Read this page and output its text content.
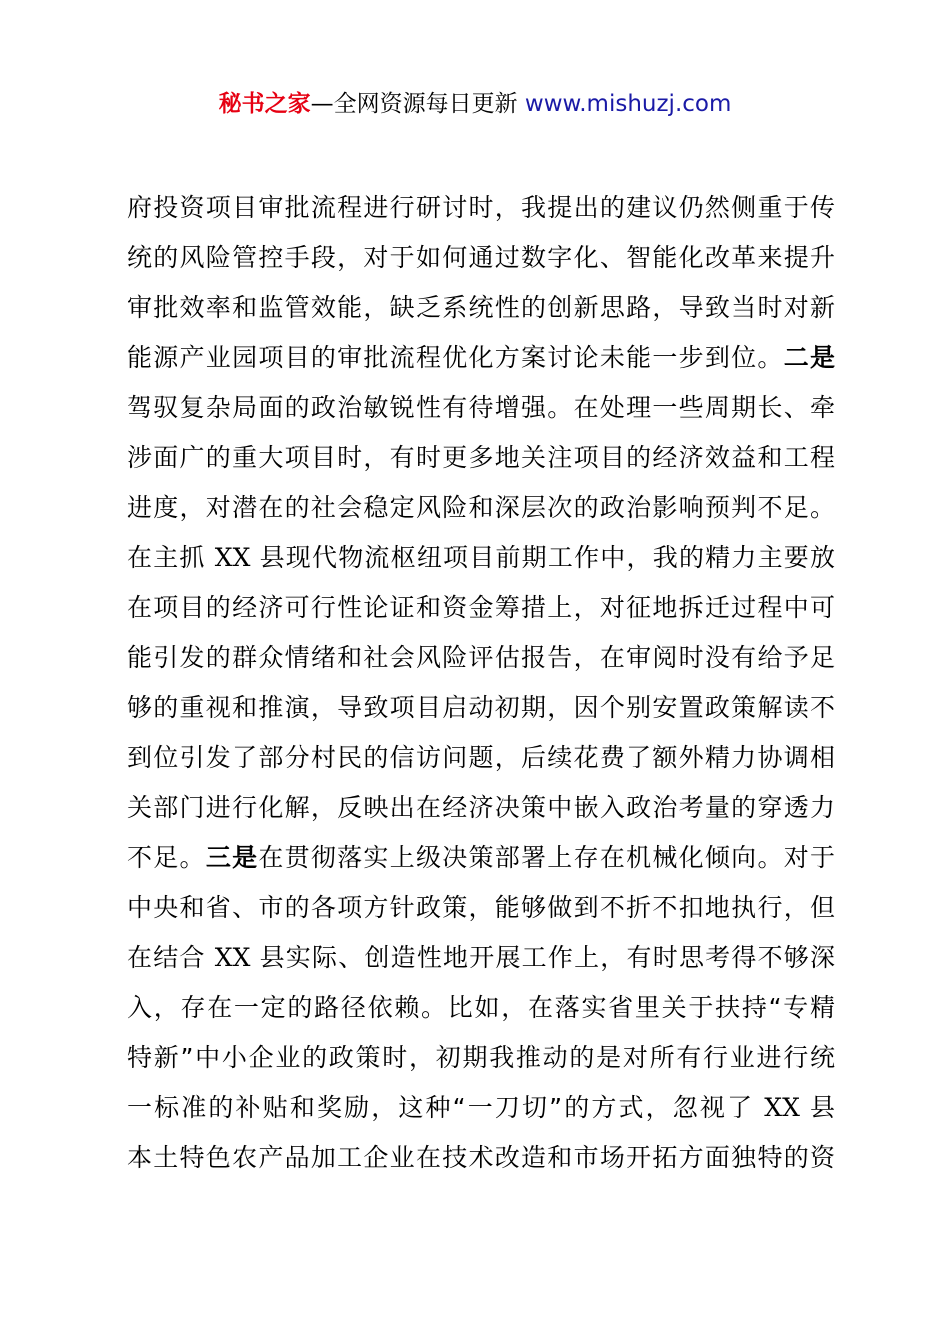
秘书之家—全网资源每日更新 www.mishuzj.com
府投资项目审批流程进行研讨时，我提出的建议仍然侧重于传
统的风险管控手段，对于如何通过数字化、智能化改革来提升
审批效率和监管效能，缺乏系统性的创新思路，导致当时对新
能源产业园项目的审批流程优化方案讨论未能一步到位。二是
驾驭复杂局面的政治敏锐性有待增强。在处理一些周期长、牵
涉面广的重大项目时，有时更多地关注项目的经济效益和工程
进度，对潜在的社会稳定风险和深层次的政治影响预判不足。
在主抓 XX 县现代物流枢纽项目前期工作中，我的精力主要放
在项目的经济可行性论证和资金筹措上，对征地拆迁过程中可
能引发的群众情绪和社会风险评估报告，在审阅时没有给予足
够的重视和推演，导致项目启动初期，因个别安置政策解读不
到位引发了部分村民的信访问题，后续花费了额外精力协调相
关部门进行化解，反映出在经济决策中嵌入政治考量的穿透力
不足。三是在贯彻落实上级决策部署上存在机械化倾向。对于
中央和省、市的各项方针政策，能够做到不折不扣地执行，但
在结合 XX 县实际、创造性地开展工作上，有时思考得不够深
入，存在一定的路径依赖。比如，在落实省里关于扶持“专精
特新”中小企业的政策时，初期我推动的是对所有行业进行统
一标准的补贴和奖励，这种“一刀切”的方式，忽视了 XX 县
本土特色农产品加工企业在技术改造和市场开拓方面独特的资
